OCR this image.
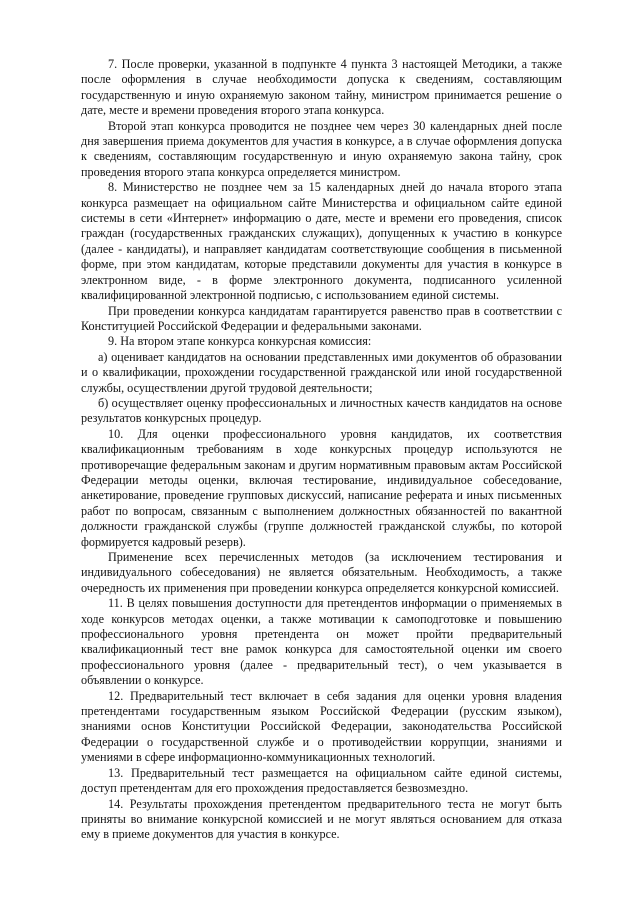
7. После проверки, указанной в подпункте 4 пункта 3 настоящей Методики, а также после оформления в случае необходимости допуска к сведениям, составляющим государственную и иную охраняемую законом тайну, министром принимается решение о дате, месте и времени проведения второго этапа конкурса.

Второй этап конкурса проводится не позднее чем через 30 календарных дней после дня завершения приема документов для участия в конкурсе, а в случае оформления допуска к сведениям, составляющим государственную и иную охраняемую закона тайну, срок проведения второго этапа конкурса определяется министром.

8. Министерство не позднее чем за 15 календарных дней до начала второго этапа конкурса размещает на официальном сайте Министерства и официальном сайте единой системы в сети «Интернет» информацию о дате, месте и времени его проведения, список граждан (государственных гражданских служащих), допущенных к участию в конкурсе (далее - кандидаты), и направляет кандидатам соответствующие сообщения в письменной форме, при этом кандидатам, которые представили документы для участия в конкурсе в электронном виде, - в форме электронного документа, подписанного усиленной квалифицированной электронной подписью, с использованием единой системы.

При проведении конкурса кандидатам гарантируется равенство прав в соответствии с Конституцией Российской Федерации и федеральными законами.

9. На втором этапе конкурса конкурсная комиссия:

а) оценивает кандидатов на основании представленных ими документов об образовании и о квалификации, прохождении государственной гражданской или иной государственной службы, осуществлении другой трудовой деятельности;

б) осуществляет оценку профессиональных и личностных качеств кандидатов на основе результатов конкурсных процедур.

10. Для оценки профессионального уровня кандидатов, их соответствия квалификационным требованиям в ходе конкурсных процедур используются не противоречащие федеральным законам и другим нормативным правовым актам Российской Федерации методы оценки, включая тестирование, индивидуальное собеседование, анкетирование, проведение групповых дискуссий, написание реферата и иных письменных работ по вопросам, связанным с выполнением должностных обязанностей по вакантной должности гражданской службы (группе должностей гражданской службы, по которой формируется кадровый резерв).

Применение всех перечисленных методов (за исключением тестирования и индивидуального собеседования) не является обязательным. Необходимость, а также очередность их применения при проведении конкурса определяется конкурсной комиссией.

11. В целях повышения доступности для претендентов информации о применяемых в ходе конкурсов методах оценки, а также мотивации к самоподготовке и повышению профессионального уровня претендента он может пройти предварительный квалификационный тест вне рамок конкурса для самостоятельной оценки им своего профессионального уровня (далее - предварительный тест), о чем указывается в объявлении о конкурсе.

12. Предварительный тест включает в себя задания для оценки уровня владения претендентами государственным языком Российской Федерации (русским языком), знаниями основ Конституции Российской Федерации, законодательства Российской Федерации о государственной службе и о противодействии коррупции, знаниями и умениями в сфере информационно-коммуникационных технологий.

13. Предварительный тест размещается на официальном сайте единой системы, доступ претендентам для его прохождения предоставляется безвозмездно.

14. Результаты прохождения претендентом предварительного теста не могут быть приняты во внимание конкурсной комиссией и не могут являться основанием для отказа ему в приеме документов для участия в конкурсе.
